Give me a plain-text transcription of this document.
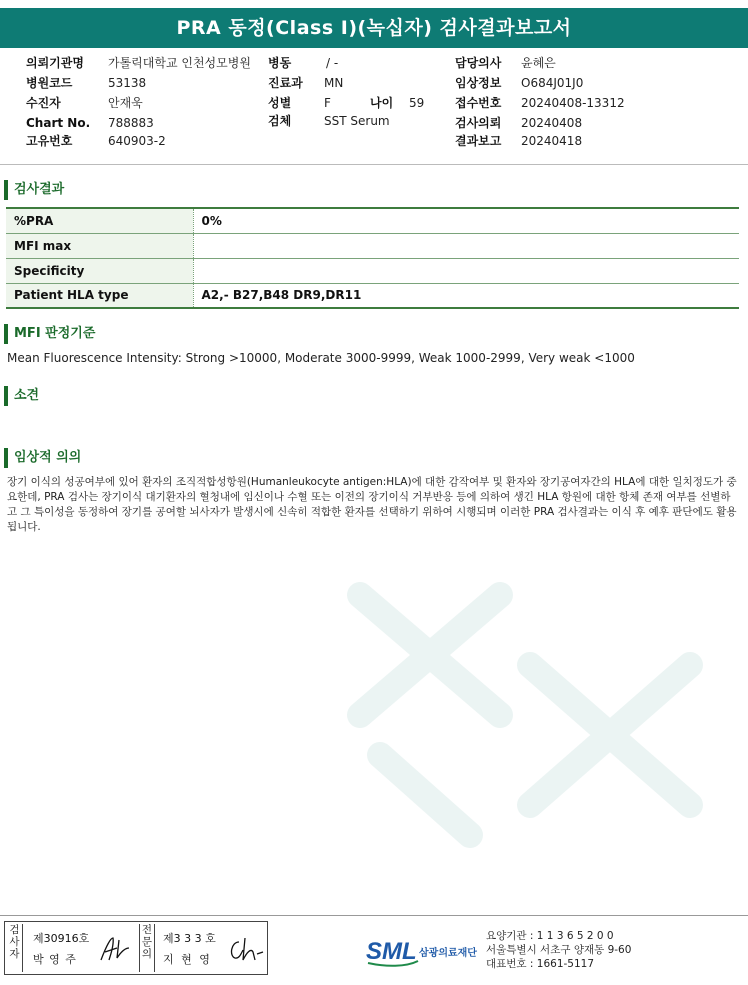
PRA 동정(Class I)(녹십자) 검사결과보고서
의뢰기관명 가톨릭대학교 인천성모병원
병원코드	53138
수진자	안재욱
Chart No. 788883
고유번호	640903-2
병동	/ -
진료과 MN
성별	F	나이 59
검체	SST Serum
담당의사 윤혜은
임상정보 O684J01J0
접수번호 20240408-13312
검사의뢰 20240408
결과보고 20240418
검사결과
%PRA	0%
MFI max	
Specificity	
Patient HLA type	A2,- B27,B48 DR9,DR11
MFI 판정기준
Mean Fluorescence Intensity: Strong >10000, Moderate 3000-9999, Weak 1000-2999, Very weak <1000
소견
임상적 의의
장기 이식의 성공여부에 있어 환자의 조직적합성항원(Humanleukocyte antigen:HLA)에 대한 감작여부 및 환자와 장기공여자간의 HLA에 대한 일치정도가 중요한데, PRA 검사는 장기이식 대기환자의 혈청내에 임신이나 수혈 또는 이전의 장기이식 거부반응 등에 의하여 생긴 HLA 항원에 대한 항체 존재 여부를 선별하고 그 특이성을 동정하여 장기를 공여할 뇌사자가 발생시에 신속히 적합한 환자를 선택하기 위하여 시행되며 이러한 PRA 검사결과는 이식 후 예후 판단에도 활용됩니다.
검
사
자
제30916호
박 영 주
전
문
의
제3 3 3 호
지 현 영	SML 삼광의료재단
요양기관 : 1 1 3 6 5 2 0 0
서울특별시 서초구 양재동 9-60
대표번호 : 1661-5117
